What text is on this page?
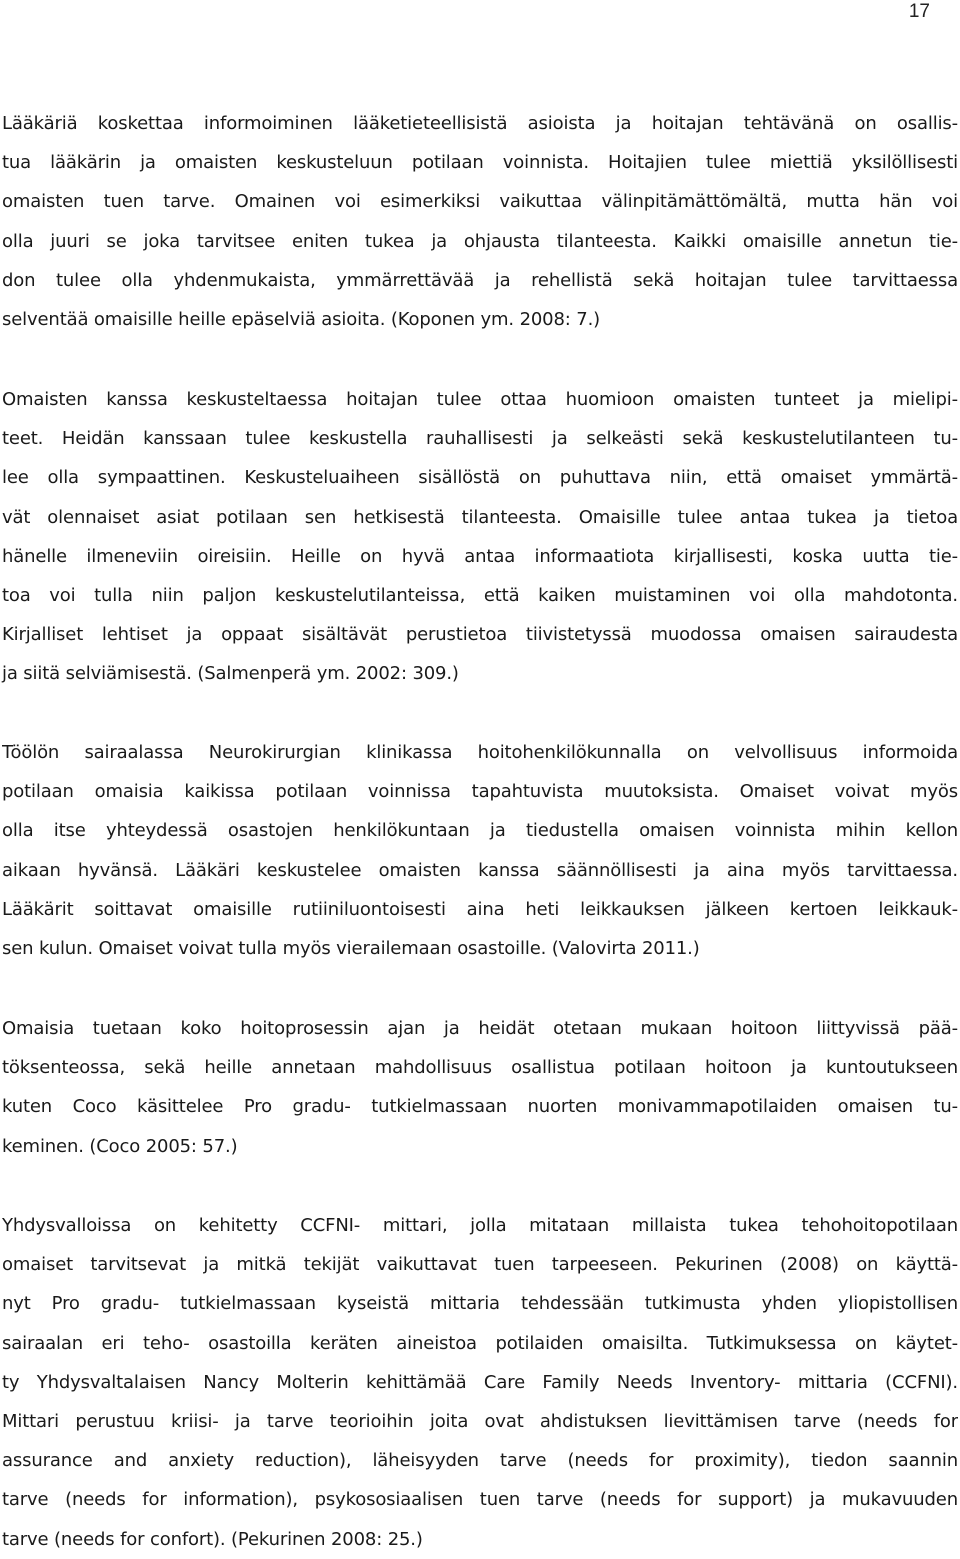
17
Lääkäriä koskettaa informoiminen lääketieteellisistä asioista ja hoitajan tehtävänä on osallis-
tua lääkärin ja omaisten keskusteluun potilaan voinnista. Hoitajien tulee miettiä yksilöllisesti
omaisten tuen tarve. Omainen voi esimerkiksi vaikuttaa välinpitämättömältä, mutta hän voi
olla juuri se joka tarvitsee eniten tukea ja ohjausta tilanteesta. Kaikki omaisille annetun tie-
don tulee olla yhdenmukaista, ymmärrettävää ja rehellistä sekä hoitajan tulee tarvittaessa
selventää omaisille heille epäselviä asioita. (Koponen ym. 2008: 7.)
Omaisten kanssa keskusteltaessa hoitajan tulee ottaa huomioon omaisten tunteet ja mielipi-
teet. Heidän kanssaan tulee keskustella rauhallisesti ja selkeästi sekä keskustelutilanteen tu-
lee olla sympaattinen. Keskusteluaiheen sisällöstä on puhuttava niin, että omaiset ymmärtä-
vät olennaiset asiat potilaan sen hetkisestä tilanteesta. Omaisille tulee antaa tukea ja tietoa
hänelle ilmeneviin oireisiin. Heille on hyvä antaa informaatiota kirjallisesti, koska uutta tie-
toa voi tulla niin paljon keskustelutilanteissa, että kaiken muistaminen voi olla mahdotonta.
Kirjalliset lehtiset ja oppaat sisältävät perustietoa tiivistetyssä muodossa omaisen sairaudesta
ja siitä selviämisestä. (Salmenperä ym. 2002: 309.)
Töölön sairaalassa Neurokirurgian klinikassa hoitohenkilökunnalla on velvollisuus informoida
potilaan omaisia kaikissa potilaan voinnissa tapahtuvista muutoksista. Omaiset voivat myös
olla itse yhteydessä osastojen henkilökuntaan ja tiedustella omaisen voinnista mihin kellon
aikaan hyvänsä. Lääkäri keskustelee omaisten kanssa säännöllisesti ja aina myös tarvittaessa.
Lääkärit soittavat omaisille rutiiniluontoisesti aina heti leikkauksen jälkeen kertoen leikkauk-
sen kulun. Omaiset voivat tulla myös vierailemaan osastoille. (Valovirta 2011.)
Omaisia tuetaan koko hoitoprosessin ajan ja heidät otetaan mukaan hoitoon liittyvissä pää-
töksenteossa, sekä heille annetaan mahdollisuus osallistua potilaan hoitoon ja kuntoutukseen
kuten Coco käsittelee Pro gradu- tutkielmassaan nuorten monivammapotilaiden omaisen tu-
keminen. (Coco 2005: 57.)
Yhdysvalloissa on kehitetty CCFNI- mittari, jolla mitataan millaista tukea tehohoitopotilaan
omaiset tarvitsevat ja mitkä tekijät vaikuttavat tuen tarpeeseen. Pekurinen (2008) on käyttä-
nyt Pro gradu- tutkielmassaan kyseistä mittaria tehdessään tutkimusta yhden yliopistollisen
sairaalan eri teho- osastoilla keräten aineistoa potilaiden omaisilta. Tutkimuksessa on käytet-
ty Yhdysvaltalaisen Nancy Molterin kehittämää Care Family Needs Inventory- mittaria (CCFNI).
Mittari perustuu kriisi- ja tarve teorioihin joita ovat ahdistuksen lievittämisen tarve (needs for
assurance and anxiety reduction), läheisyyden tarve (needs for proximity), tiedon saannin
tarve (needs for information), psykososiaalisen tuen tarve (needs for support) ja mukavuuden
tarve (needs for confort). (Pekurinen 2008: 25.)
